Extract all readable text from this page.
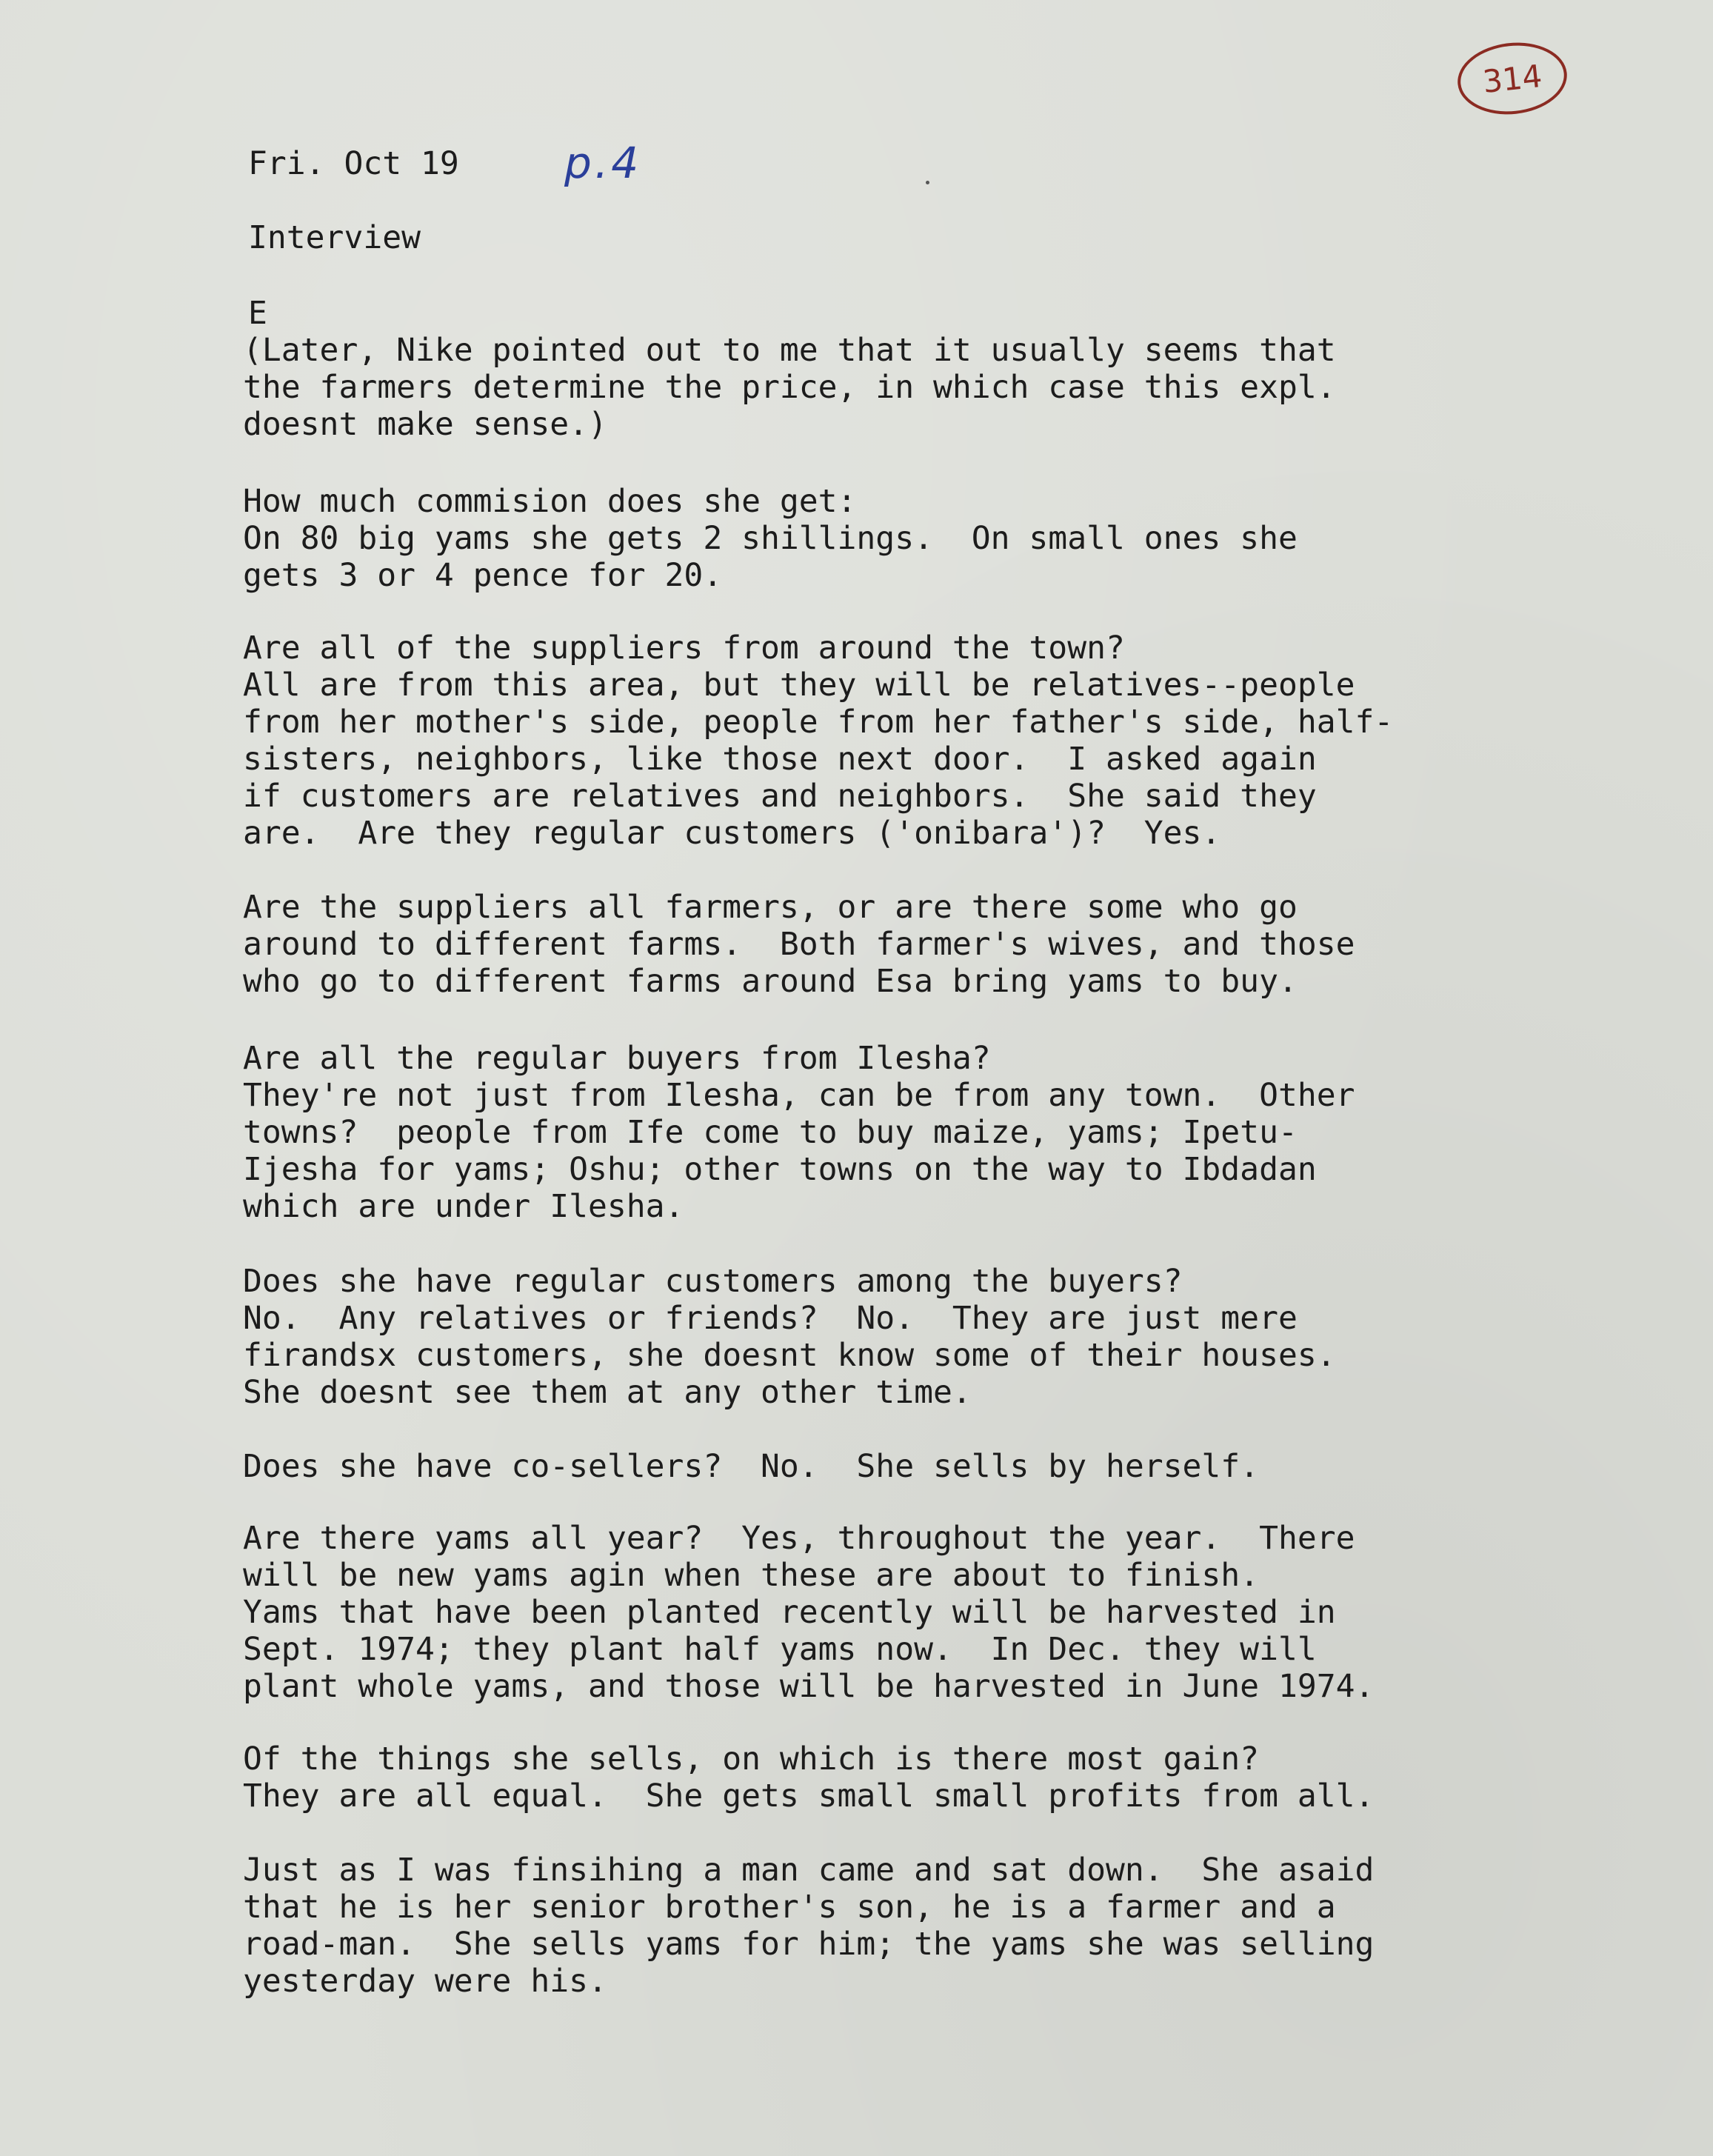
314
Fri. Oct 19 p.4
Interview
E
(Later, Nike pointed out to me that it usually seems that
the farmers determine the price, in which case this expl.
doesnt make sense.)
How much commision does she get:
On 80 big yams she gets 2 shillings.  On small ones she
gets 3 or 4 pence for 20.
Are all of the suppliers from around the town?
All are from this area, but they will be relatives--people
from her mother's side, people from her father's side, half-
sisters, neighbors, like those next door.  I asked again
if customers are relatives and neighbors.  She said they
are.  Are they regular customers ('onibara')?  Yes.
Are the suppliers all farmers, or are there some who go
around to different farms.  Both farmer's wives, and those
who go to different farms around Esa bring yams to buy.
Are all the regular buyers from Ilesha?
They're not just from Ilesha, can be from any town.  Other
towns?  people from Ife come to buy maize, yams; Ipetu-
Ijesha for yams; Oshu; other towns on the way to Ibdadan
which are under Ilesha.
Does she have regular customers among the buyers?
No.  Any relatives or friends?  No.  They are just mere
firandsx customers, she doesnt know some of their houses.
She doesnt see them at any other time.
Does she have co-sellers?  No.  She sells by herself.
Are there yams all year?  Yes, throughout the year.  There
will be new yams agin when these are about to finish.
Yams that have been planted recently will be harvested in
Sept. 1974; they plant half yams now.  In Dec. they will
plant whole yams, and those will be harvested in June 1974.
Of the things she sells, on which is there most gain?
They are all equal.  She gets small small profits from all.
Just as I was finsihing a man came and sat down.  She asaid
that he is her senior brother's son, he is a farmer and a
road-man.  She sells yams for him; the yams she was selling
yesterday were his.
